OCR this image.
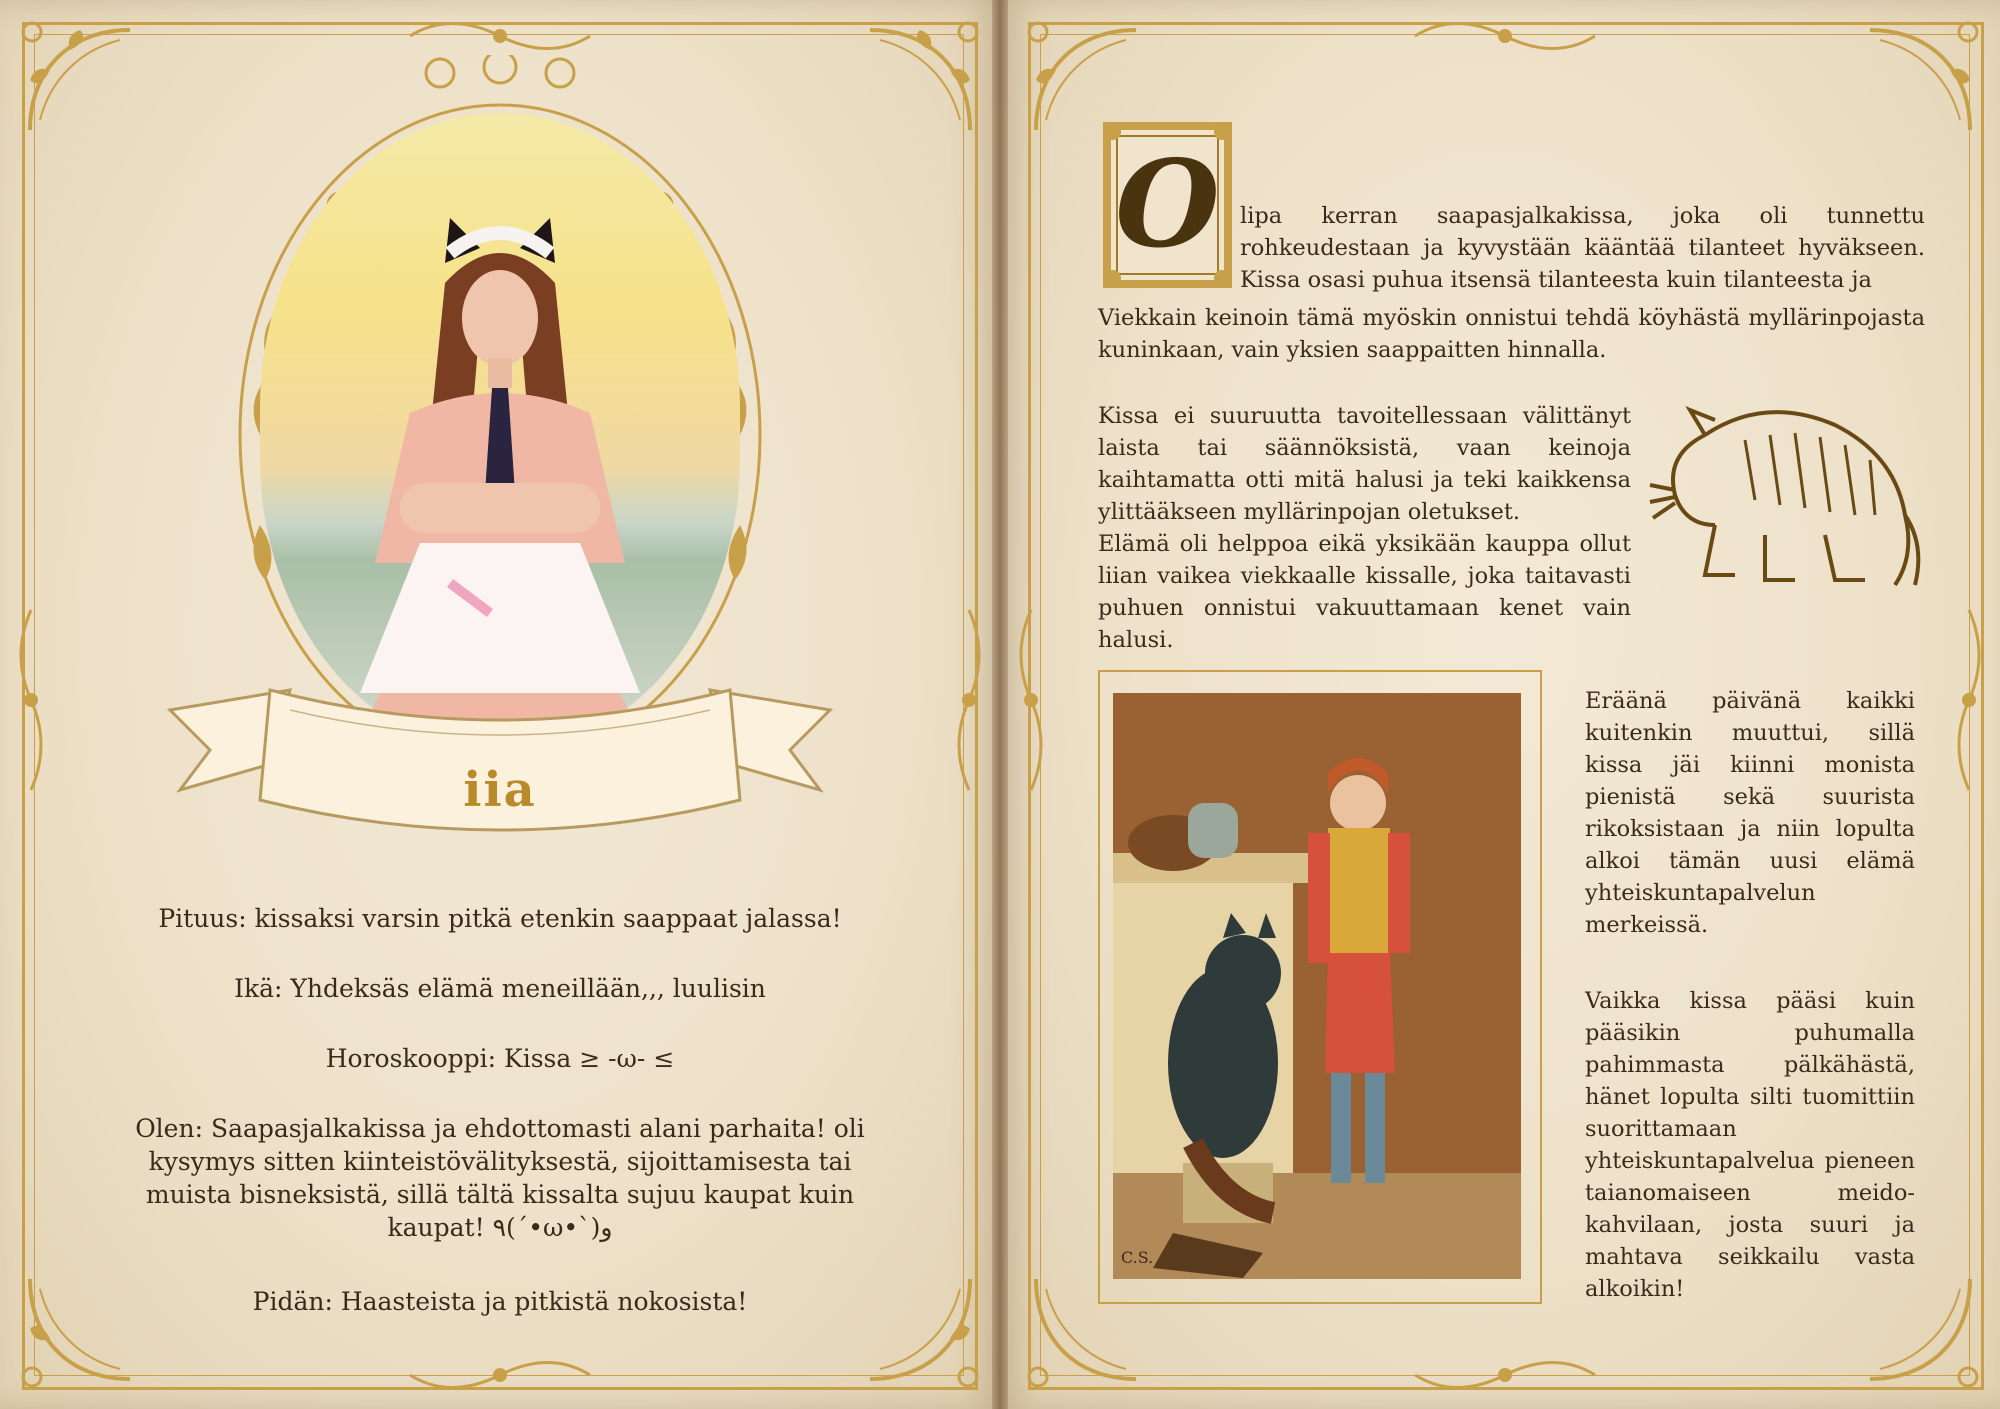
iia

Pituus: kissaksi varsin pitkä etenkin saappaat jalassa!

Ikä: Yhdeksäs elämä meneillään,,, luulisin

Horoskooppi: Kissa ≥ -ω- ≤

Olen: Saapasjalkakissa ja ehdottomasti alani parhaita! oli kysymys sitten kiinteistövälityksestä, sijoittamisesta tai muista bisneksistä, sillä tältä kissalta sujuu kaupat kuin kaupat! ٩(ˊ•ω•ˋ)و

Pidän: Haasteista ja pitkistä nokosista!

O lipa kerran saapasjalkakissa, joka oli tunnettu rohkeudestaan ja kyvystään kääntää tilanteet hyväkseen. Kissa osasi puhua itsensä tilanteesta kuin tilanteesta ja

Viekkain keinoin tämä myöskin onnistui tehdä köyhästä myllärinpojasta kuninkaan, vain yksien saappaitten hinnalla.

Kissa ei suuruutta tavoitellessaan välittänyt laista tai säännöksistä, vaan keinoja kaihtamatta otti mitä halusi ja teki kaikkensa ylittääkseen myllärinpojan oletukset.

Elämä oli helppoa eikä yksikään kauppa ollut liian vaikea viekkaalle kissalle, joka taitavasti puhuen onnistui vakuuttamaan kenet vain halusi.

C.S.

Eräänä päivänä kaikki kuitenkin muuttui, sillä kissa jäi kiinni monista pienistä sekä suurista rikoksistaan ja niin lopulta alkoi tämän uusi elämä yhteiskuntapalvelun merkeissä.

Vaikka kissa pääsi kuin pääsikin puhumalla pahimmasta pälkähästä, hänet lopulta silti tuomittiin suorittamaan yhteiskuntapalvelua pieneen taianomaiseen meido-kahvilaan, josta suuri ja mahtava seikkailu vasta alkoikin!
